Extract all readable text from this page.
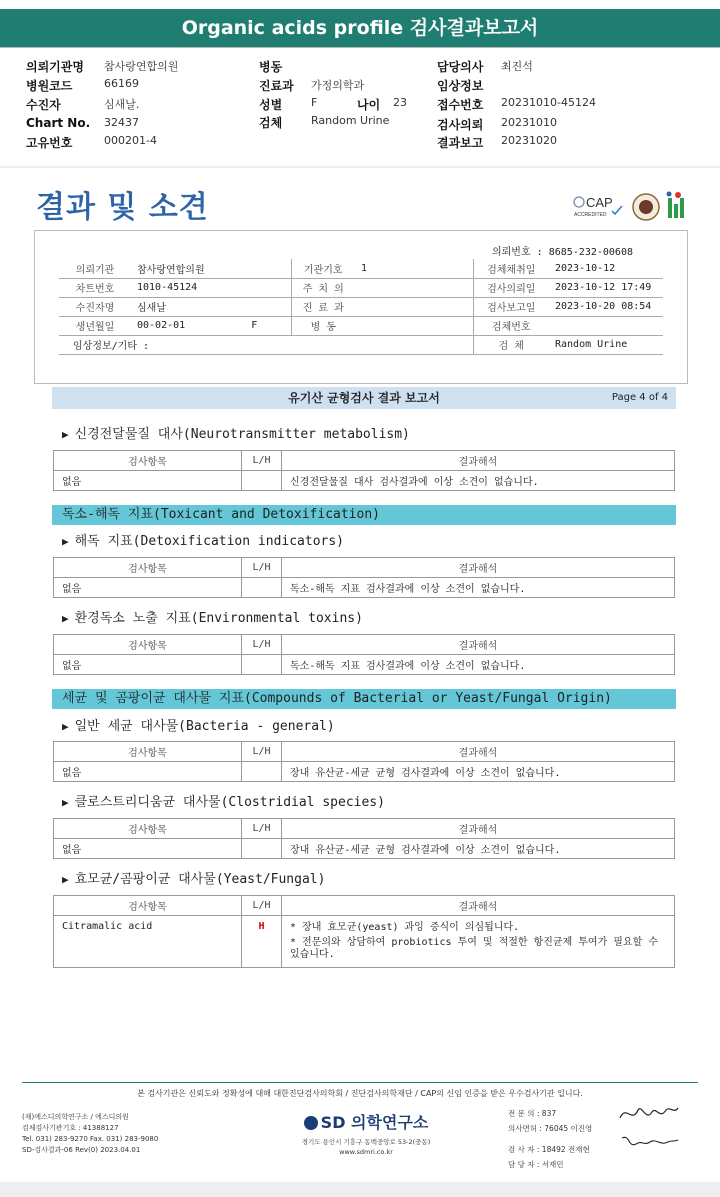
Organic acids profile 검사결과보고서
의뢰기관명 참사랑연합의원
병원코드	66169
수진자	심새날.
Chart No. 32437
고유번호	000201-4
병동
진료과 가정의학과
성별	F	나이 23
검체	Random Urine
담당의사 최진석
임상정보
접수번호 20231010-45124
검사의뢰 20231010
결과보고 20231020
결과 및 소견	CAP
ACCREDITED
의뢰번호 : 8685-232-00608
의뢰기관	참사랑연합의원	기관기호	1	검체채취일	2023-10-12
차트번호	1010-45124	주 치 의		검사의뢰일	2023-10-12 17:49
수진자명	심새날	진 료 과		검사보고일	2023-10-20 08:54
생년월일	00-02-01 F	병 동		검체번호	
임상정보/기타 :				검 체	Random Urine
유기산 균형검사 결과 보고서	Page 4 of 4
▶ 신경전달물질 대사(Neurotransmitter metabolism)
검사항목	L/H	결과해석
없음		신경전달물질 대사 검사결과에 이상 소견이 없습니다.
독소-해독 지표(Toxicant and Detoxification)
▶ 해독 지표(Detoxification indicators)
검사항목	L/H	결과해석
없음		독소-해독 지표 검사결과에 이상 소견이 없습니다.
▶ 환경독소 노출 지표(Environmental toxins)
검사항목	L/H	결과해석
없음		독소-해독 지표 검사결과에 이상 소견이 없습니다.
세균 및 곰팡이균 대사물 지표(Compounds of Bacterial or Yeast/Fungal Origin)
▶ 일반 세균 대사물(Bacteria - general)
검사항목	L/H	결과해석
없음		장내 유산균-세균 균형 검사결과에 이상 소견이 없습니다.
▶ 클로스트리디움균 대사물(Clostridial species)
검사항목	L/H	결과해석
없음		장내 유산균-세균 균형 검사결과에 이상 소견이 없습니다.
▶ 효모균/곰팡이균 대사물(Yeast/Fungal)
검사항목	L/H	결과해석
Citramalic acid	H	* 장내 효모균(yeast) 과잉 증식이 의심됩니다.
		* 전문의와 상담하여 probiotics 투여 및 적절한 항진균제 투여가 필요할 수 있습니다.
본 검사기관은 신뢰도와 정확성에 대해 대한진단검사의학회 / 진단검사의학재단 / CAP의 신임 인증을 받은 우수검사기관 입니다.
(재)에스디의학연구소 / 에스디의원
검체검사기관기호 : 41388127
Tel. 031) 283-9270 Fax. 031) 283-9080
SD-검사결과-06 Rev(0) 2023.04.01
SD 의학연구소
경기도 용인시 기흥구 동백중앙로 53-2(중동)
www.sdmri.co.kr
전 문 의 : 837
의사면허 : 76045 이진영
검 사 자 : 18492 전재현
담 당 자 : 서재민
